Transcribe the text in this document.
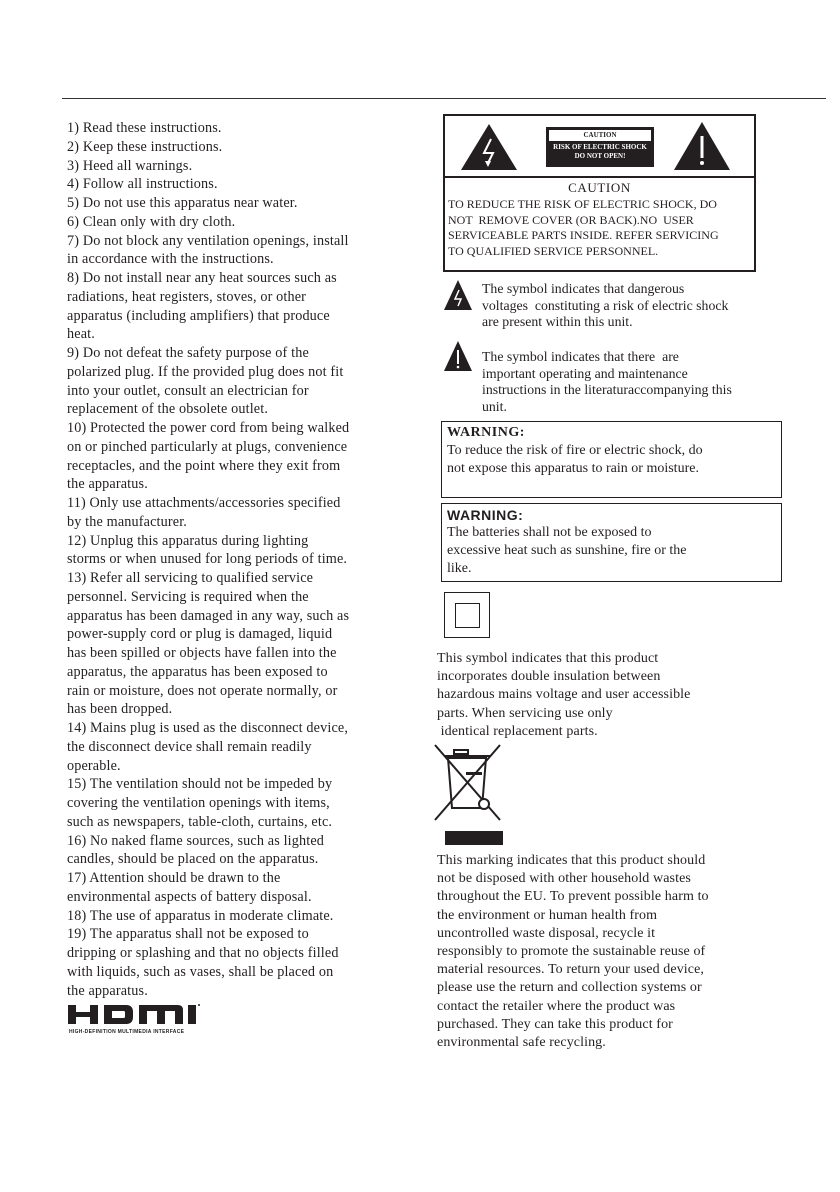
1) Read these instructions.
2) Keep these instructions.
3) Heed all warnings.
4) Follow all instructions.
5) Do not use this apparatus near water.
6) Clean only with dry cloth.
7) Do not block any ventilation openings, install
in accordance with the instructions.
8) Do not install near any heat sources such as
radiations, heat registers, stoves, or other
apparatus (including amplifiers) that produce
heat.
9) Do not defeat the safety purpose of the
polarized plug. If the provided plug does not fit
into your outlet, consult an electrician for
replacement of the obsolete outlet.
10) Protected the power cord from being walked
on or pinched particularly at plugs, convenience
receptacles, and the point where they exit from
the apparatus.
11) Only use attachments/accessories specified
by the manufacturer.
12) Unplug this apparatus during lighting
storms or when unused for long periods of time.
13) Refer all servicing to qualified service
personnel. Servicing is required when the
apparatus has been damaged in any way, such as
power-supply cord or plug is damaged, liquid
has been spilled or objects have fallen into the
apparatus, the apparatus has been exposed to
rain or moisture, does not operate normally, or
has been dropped.
14) Mains plug is used as the disconnect device,
the disconnect device shall remain readily
operable.
15) The ventilation should not be impeded by
covering the ventilation openings with items,
such as newspapers, table-cloth, curtains, etc.
16) No naked flame sources, such as lighted
candles, should be placed on the apparatus.
17) Attention should be drawn to the
environmental aspects of battery disposal.
18) The use of apparatus in moderate climate.
19) The apparatus shall not be exposed to
dripping or splashing and that no objects filled
with liquids, such as vases, shall be placed on
the apparatus.
CAUTION
RISK OF ELECTRIC SHOCK
DO NOT OPEN!
CAUTION
TO REDUCE THE RISK OF ELECTRIC SHOCK, DO
NOT  REMOVE COVER (OR BACK).NO  USER
SERVICEABLE PARTS INSIDE. REFER SERVICING
TO QUALIFIED SERVICE PERSONNEL.
The symbol indicates that dangerous
voltages  constituting a risk of electric shock
are present within this unit.
The symbol indicates that there  are
important operating and maintenance
instructions in the literaturaccompanying this
unit.
WARNING:
To reduce the risk of fire or electric shock, do
not expose this apparatus to rain or moisture.
WARNING:
The batteries shall not be exposed to
excessive heat such as sunshine, fire or the
like.
This symbol indicates that this product
incorporates double insulation between
hazardous mains voltage and user accessible
parts. When servicing use only
identical replacement parts.
This marking indicates that this product should
not be disposed with other household wastes
throughout the EU. To prevent possible harm to
the environment or human health from
uncontrolled waste disposal, recycle it
responsibly to promote the sustainable reuse of
material resources. To return your used device,
please use the return and collection systems or
contact the retailer where the product was
purchased. They can take this product for
environmental safe recycling.
HIGH-DEFINITION MULTIMEDIA INTERFACE
